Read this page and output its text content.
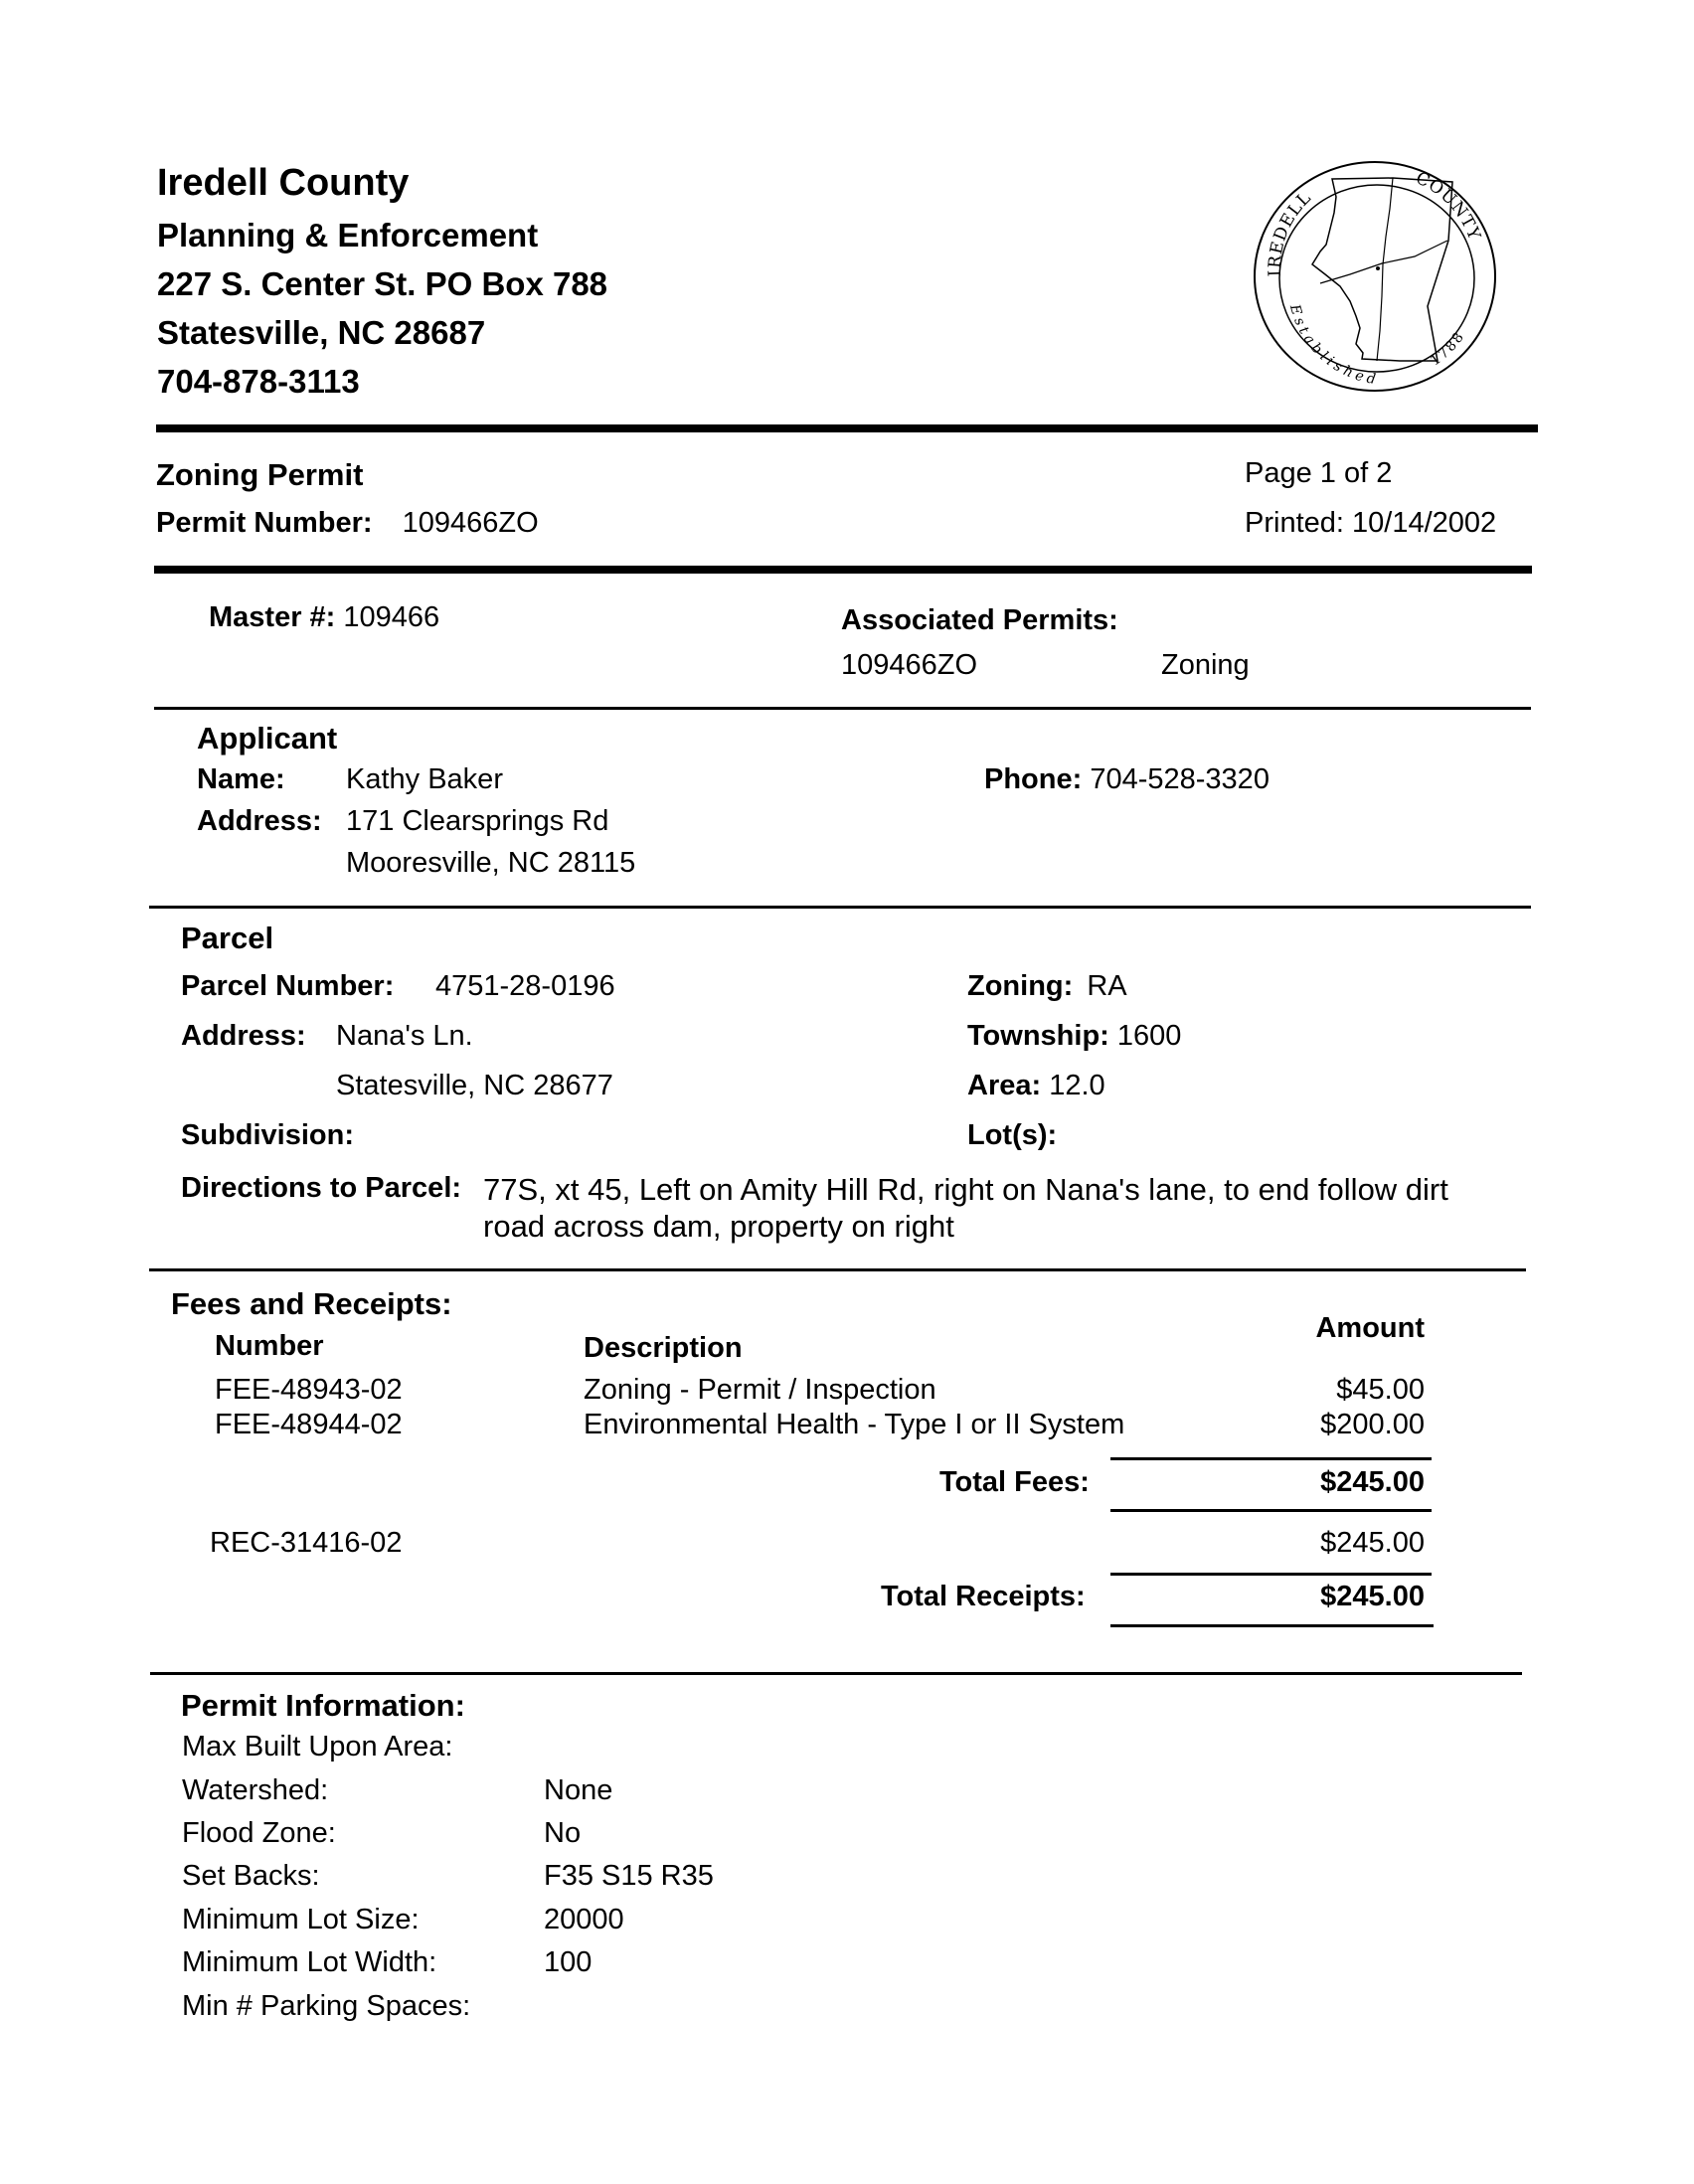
Iredell County
Planning & Enforcement
227 S. Center St. PO Box 788
Statesville, NC 28687
704-878-3113
IREDELL
COUNTY
Established
1788
Zoning Permit
Permit Number: 109466ZO
Page 1 of 2
Printed: 10/14/2002
Master #: 109466	Associated Permits:
109466ZO	Zoning
Applicant
Name: Kathy Baker
Address: 171 Clearsprings Rd
Mooresville, NC 28115
Phone: 704-528-3320
Parcel
Parcel Number: 4751-28-0196
Address: Nana's Ln.
Statesville, NC 28677
Subdivision:
Zoning: RA
Township: 1600
Area: 12.0
Lot(s):
Directions to Parcel: 77S, xt 45, Left on Amity Hill Rd, right on Nana's lane, to end follow dirt
road across dam, property on right
Fees and Receipts:
Number	Description
Amount
FEE-48943-02	Zoning - Permit / Inspection	$45.00
FEE-48944-02	Environmental Health - Type I or II System	$200.00
Total Fees:	$245.00
REC-31416-02	$245.00
Total Receipts:	$245.00
Permit Information:
Max Built Upon Area:
Watershed:	None
Flood Zone:	No
Set Backs:	F35 S15 R35
Minimum Lot Size:	20000
Minimum Lot Width:	100
Min # Parking Spaces:
